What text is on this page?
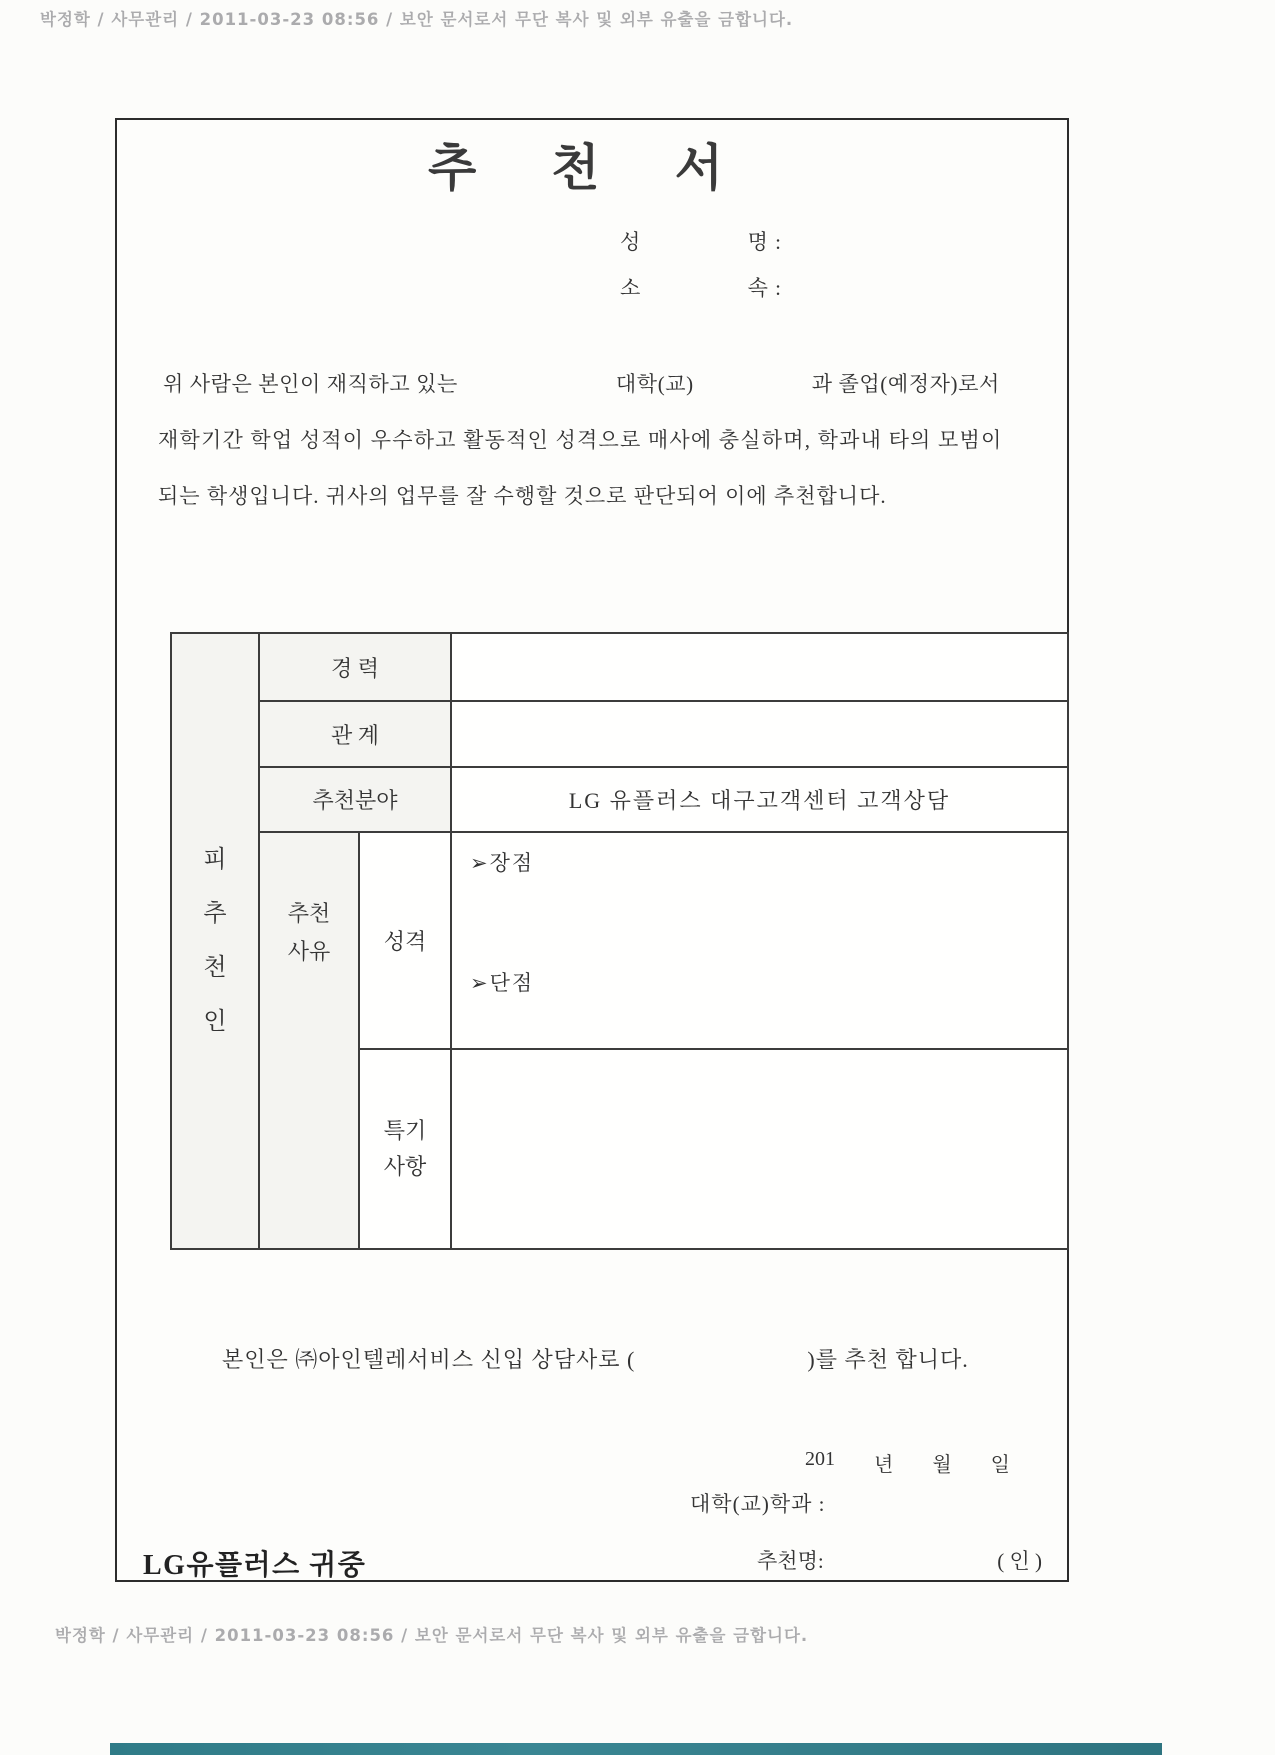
박정학 / 사무관리 / 2011-03-23 08:56 / 보안 문서로서 무단 복사 및 외부 유출을 금합니다.
추천서
성	명 :
소	속 :
위 사람은 본인이 재직하고 있는	대학(교)	과 졸업(예정자)로서
재학기간 학업 성적이 우수하고 활동적인 성격으로 매사에 충실하며, 학과내 타의 모범이
되는 학생입니다. 귀사의 업무를 잘 수행할 것으로 판단되어 이에 추천합니다.
피추천인
경 력
관 계
추천분야	LG 유플러스 대구고객센터 고객상담
추천
사유	성격
➢장점
➢단점
특기
사항
본인은 ㈜아인텔레서비스 신입 상담사로 (	)를 추천 합니다.
201 년 월 일
대학(교)학과 :
추천명:	( 인 )
LG유플러스 귀중
박정학 / 사무관리 / 2011-03-23 08:56 / 보안 문서로서 무단 복사 및 외부 유출을 금합니다.
